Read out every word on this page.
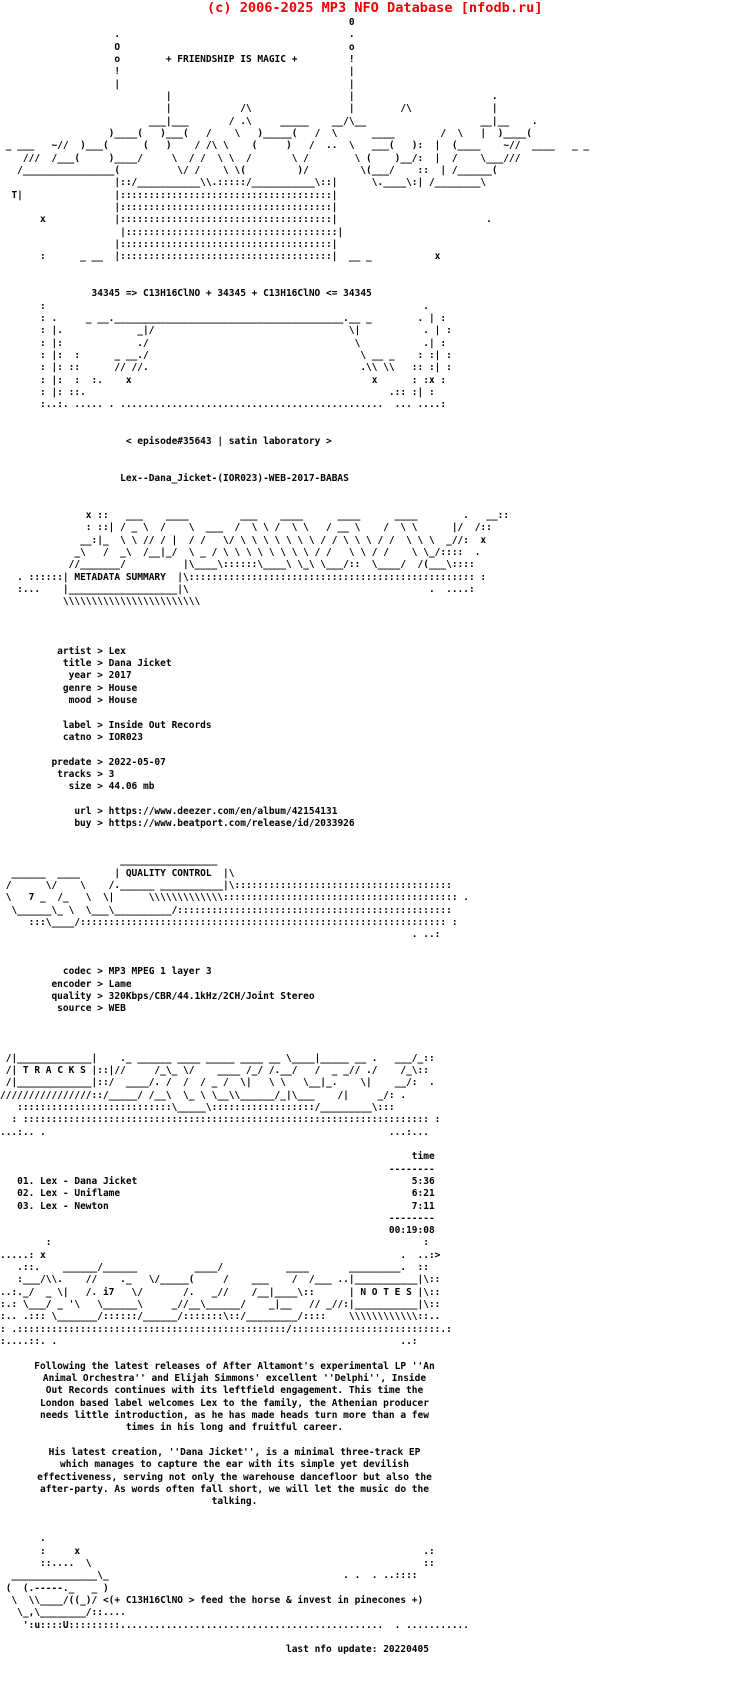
(c) 2006-2025 MP3 NFO Database [nfodb.ru]
0
.                                        .
O                                        o
o        + FRIENDSHIP IS MAGIC +         !
!                                        |
|                                        |
|                               |                        .
|            /\                 |        /\              |
___|___       / .\     _____    __/\__                    __|__    .
)____(   )___(   /    \   )_____(   /  \      ____        /  \   |  )____(
_ ___   ~//  )___(      (   )    / /\ \    (     )   /  ..  \   ___(   ):  |  (____    ~//  ____   _ _
///  /___(     )____/     \  / /  \ \  /       \ /        \ (    )__/:  |  /    \___///
/________________(          \/ /    \ \(         )/         \(___/    ::  | /______(
|::/___________\\.:::::/___________\::|      \.____\:| /________\
T|                |:::::::::::::::::::::::::::::::::::::|
|:::::::::::::::::::::::::::::::::::::|
x            |:::::::::::::::::::::::::::::::::::::|                          .
|:::::::::::::::::::::::::::::::::::::|
|:::::::::::::::::::::::::::::::::::::|
:      _ __  |:::::::::::::::::::::::::::::::::::::|  __ _           x
34345 => C13H16ClNO + 34345 + C13H16ClNO <= 34345
:                                                                  .
: .     _ __.________________________________________.__ _        . | :
: |.             _|/                                  \|           . | :
: |:             ./                                    \           .| :
: |:  :      _ __./                                     \ __ _    : :| :
: |: ::      // //.                                     .\\ \\   :: :| :
: |:  :  :.    x                                          x      : :x :
: |: ::.                                                     .:: :| :
:..:. ..... . ..............................................  ... ....:
< episode#35643 | satin laboratory >
Lex--Dana_Jicket-(IOR023)-WEB-2017-BABAS
x ::   ___    ____         ___    ____      ____      ____        .   __::
: ::| / _ \  /    \  ___  /  \ \ /  \ \   / __ \    /  \ \      |/  /::
__:|_  \ \ // / |  / /   \/ \ \ \ \ \ \ \ / / \ \ \ / /  \ \ \  _//:  x
_\   /  _\  /__|_/  \ _ / \ \ \ \ \ \ \ \ / /   \ \ / /    \ \_/::::  .
//_______/          |\____\::::::\____\ \_\ \___/::  \____/  /(___\::::
. ::::::| METADATA SUMMARY  |\:::::::::::::::::::::::::::::::::::::::::::::::::: :
:...    |___________________|\                                          .  ....:
\\\\\\\\\\\\\\\\\\\\\\\\
artist > Lex
title > Dana Jicket
year > 2017
genre > House
mood > House
label > Inside Out Records
catno > IOR023
predate > 2022-05-07
tracks > 3
size > 44.06 mb
url > https://www.deezer.com/en/album/42154131
buy > https://www.beatport.com/release/id/2033926
_________________
______  ____      | QUALITY CONTROL  |\
/      \/    \    /.______ ___________|\::::::::::::::::::::::::::::::::::::::
\   7 _  /_   \  \|      \\\\\\\\\\\\\::::::::::::::::::::::::::::::::::::::::: .
\______\_ \  \___\__________/::::::::::::::::::::::::::::::::::::::::::::::::
:::\____/:::::::::::::::::::::::::::::::::::::::::::::::::::::::::::::::: :
. ..:
codec > MP3 MPEG 1 layer 3
encoder > Lame
quality > 320Kbps/CBR/44.1kHz/2CH/Joint Stereo
source > WEB
/|_____________|    ._ ______ ____ _____ ____ __ \____|_____ __ .   ___/_::
/| T R A C K S |::|//     /_\_ \/    ____ /_/ /.__/   /  _ _// ./    /_\::
/|_____________|::/  ____/. /  /  / _ /  \|   \ \   \__|_.    \|    __/:  .
////////////////::/_____/ /__\  \_ \ \__\\______/_|\___    /|     _/: .
:::::::::::::::::::::::::::\_____\::::::::::::::::::/_________\:::
: ::::::::::::::::::::::::::::::::::::::::::::::::::::::::::::::::::::::: :
...:.. .                                                            ...:...
time
--------
01. Lex - Dana Jicket	5:36
02. Lex - Uniflame	6:21
03. Lex - Newton	7:11
--------
00:19:08
:                                                                 :
.....: x                                                              .  ..:>
.::.    ______/______          ____/           ____       _________.  ::
:___/\\.    //    ._   \/_____(     /    ___    /  /___ ..|___________|\::
..:._/  _ \|   /. i7   \/       /.   _//    /__|____\::      | N O T E S |\::
:.: \___/ _ '\   \______\     _//__\______/    _|__   // _//:|___________|\::
:.. .::: \_______/::::::/______/:::::::\::/_________/::::    \\\\\\\\\\\\::..
: .:::::::::::::::::::::::::::::::::::::::::::::::/::::::::::::::::::::::::::.:
:....::. .                                                            ..:
Following the latest releases of After Altamont's experimental LP ''An
Animal Orchestra'' and Elijah Simmons' excellent ''Delphi'', Inside
Out Records continues with its leftfield engagement. This time the
London based label welcomes Lex to the family, the Athenian producer
needs little introduction, as he has made heads turn more than a few
times in his long and fruitful career.
His latest creation, ''Dana Jicket'', is a minimal three-track EP
which manages to capture the ear with its simple yet devilish
effectiveness, serving not only the warehouse dancefloor but also the
after-party. As words often fall short, we will let the music do the
talking.
.
:     x                                                            .:
::....  \                                                          ::
_______________\_                                         . .  . ..::::
(  (.-----._   _ )
\  \\____/((_)/ <(+ C13H16ClNO > feed the horse & invest in pinecones +)
\_,\________/::....
':u::::U:::::::::..............................................  . ...........
last nfo update: 20220405
